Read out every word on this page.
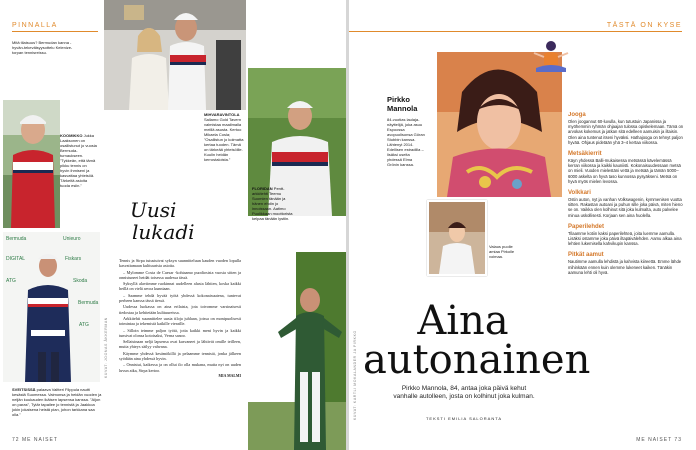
PINNALLA
Mitä tilaisuus? Bermudan kanna - hyvän-tekeväisyysottelu Kelenize-torpan tennisreissu.
KOOMIKKO Jukka Laaksonen on osallistunut jo vuosia Bermuda-turnaukseen. "Tykkeän, että tämä pikku tennis on hyvin ihmiseni ja kasvattaa yhteisöä. Tärkeitä asioita tuoda esiin."
Bermuda	Unieuro
DIGITAL	Fiskars
ATG	Skoda
Bermuda
ATG	KUVAT: JOONAS ÅKKERMAN
SVEITSISSÄ palaava Valtteri Filppula nautti kesästä Suomessa. Vaimonsa ja heidän vuoden ja neljän kuukauden ikäisen lapsensa kanssa. "Aijon on paras", Tytär tapailee jo tennistä ja Jaakkoa jokin jokaisena heistä pian, johon tarkkana saa olla."
MIHVARAVINTOLA Sallamo Gold Tavern valmistaa maailmalla meillä asusta. Kertoo Mikaela Cosla; "Osallistun jo kolmatta kertaa tuoden. Tämä on tärkeää yhteisöille. Kuulin heidän kerrostaloista."
Uusi
lukadi

Tennis ja Sirpa tutustuivat syksyn suunnitteluun kauden vuoden lopulla kasvattamaan kulttuurisia asioita.

– Mylomme Costa de Caesar -kohtaamo puodiosista vuosia sitten ja onnistuneet heidät toisessa uudessa tässä.

Syksyllä alaviimme ruokinnat uudelleen alusta lähtien, koska kaikki heillä on vielä arvoa kunniaan.

– Saamme tehdä hyvää työtä yhdessä kokonaisuutena, tuntevat perheen kanssa tässä tiessä.

Uudessa luokassa on aina erilaista, jota toivomme varsinaisesti tiedostaa ja kehitetään kulttuureissa.

Arkkitehti suunnittelee uusia tiloja juhlaan, joissa on monipuolisesti toimintaa ja tekemistä kaikille vieraille.

– Silloin teimme paljon työtä, jotta kaikki meni hyvin ja kaikki tunsivat olonsa kotoisaksi, Verna sanoo.

Sellaisinaan neljä lapsensa ovat kasvaneet ja lähtivät omille teilleen, mutta yhteys säilyy vahvana.

Käymme yhdessä kesämökillä ja pelaamme tennistä, jonka jälkeen syödään aina yhdessä hyvin.

– Onnistui, kaikessa ja on ollut ilo olla mukana, mutta nyt on uuden luvun aika, Sirpa kertoo.

MIA MALMI

FLORIDAN Pentt-arkkitehti Teemu Suomien tänään ja hänen ehdin jo innoissaan. Aatimo Puolikkaan moottorista kelpaa tänään lystiin.
72 ME NAISET
TÄSTÄ ON KYSE
Pirkko Mannola
84-vuotias laulaja-näyttelijä, joka asuu Espoossa avopuolisonsa Göran Stubbin kanssa. Lähtenyt 2014. Edellisen estradilla – lisäksi useita yhdessä Elma Grönin kanssa.
Valaus puolle amiaa Pirkolle voimaa.
Aina
autonainen
Pirkko Mannola, 84, antaa joka päivä kehut vanhalle autolleen, josta on kolhinut joka kulman.
TEKSTI EMILIA SALORANTA
KUVAT: KARTLI MOKALANDER JA PIRKKO
Jooga
Olen joogannut 60-luvulla, kun tutustuin Japanissa ja myöhemmin ryhmän ohjaajan tulossa opiskelemaan. Tämä on arvokas kokemus ja jatkan sitä edelleen aamuisin ja iltaisin. Olen aina tuntenut itseni hyväksi. Hathajooga on tehnyt paljon hyvää. Ohjaus pidetään yhä 3–4 kertaa viikossa.
Metsäkierrit
Käyn yhdessä Balli-mukaisessa metsässä kävelemässä kerran viikossa ja kaikki kauniisti. Kokonaisuudessaan metsä on mieli. Vuoden mielestäni vettä ja metsää ja tämän 5000–6000 askelta on hyvä taso kunnossa pysyäkseni. Metsä on hyvä myös mielen levossa.
Volkkari
Ostin auton, nyt ja vanhan Volkswagenin, kymmenisen vuotta sitten. Rakastan autoani ja puhun sille joka päivä, miten hieno se on. Vaikka olen kolhinut sitä joka kulmalta, auto palvelee minua uskollisesti. Korjaan sen aina huolella.
Paperilehdet
Tilaamme kotiin kaksi paperilehteä, joita luemme aamulla. Lisäksi ostamme joka päivä iltapäivälehden. Aamu alkaa aina lehtien lukemisella kahvikupin kanssa.
Pitkät aamut
Nautimme aamulla lehdistä ja kahvista kiireettä. Emme lähde mihinkään ennen kuin olemme lukeneet kaiken. Tänäkin aamuna lehti oli hyvä.
ME NAISET 73
